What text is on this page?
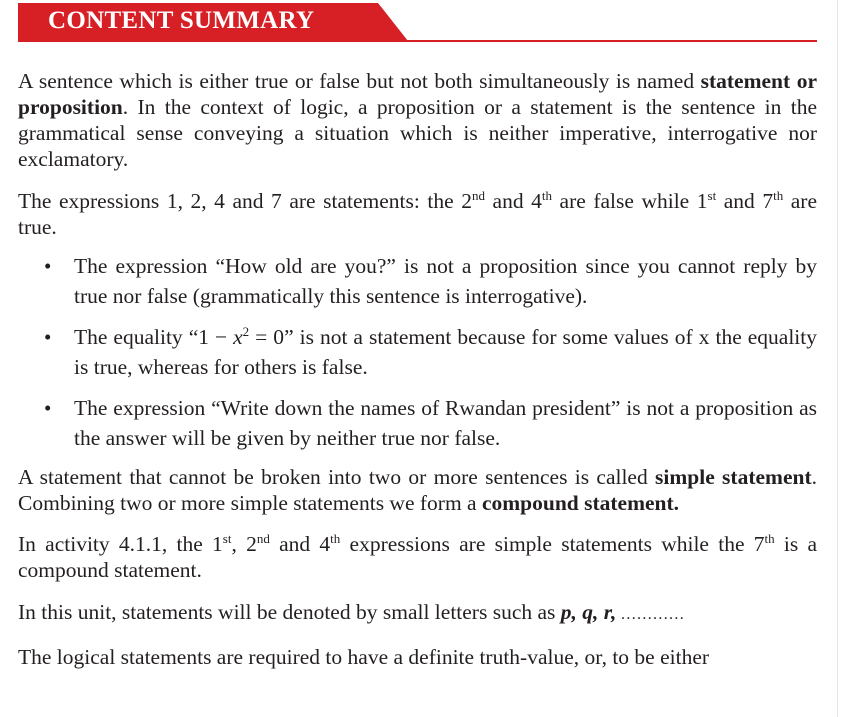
CONTENT SUMMARY

A sentence which is either true or false but not both simultaneously is named statement or proposition. In the context of logic, a proposition or a statement is the sentence in the grammatical sense conveying a situation which is neither imperative, interrogative nor exclamatory.

The expressions 1, 2, 4 and 7 are statements: the 2nd and 4th are false while 1st and 7th are true.

• The expression “How old are you?” is not a proposition since you cannot reply by true nor false (grammatically this sentence is interrogative).
• The equality “$1 - x^2 = 0$” is not a statement because for some values of x the equality is true, whereas for others is false.
• The expression “Write down the names of Rwandan president” is not a proposition as the answer will be given by neither true nor false.

A statement that cannot be broken into two or more sentences is called simple statement. Combining two or more simple statements we form a compound statement.

In activity 4.1.1, the 1st, 2nd and 4th expressions are simple statements while the 7th is a compound statement.

In this unit, statements will be denoted by small letters such as p, q, r, …………

The logical statements are required to have a definite truth-value, or, to be either
